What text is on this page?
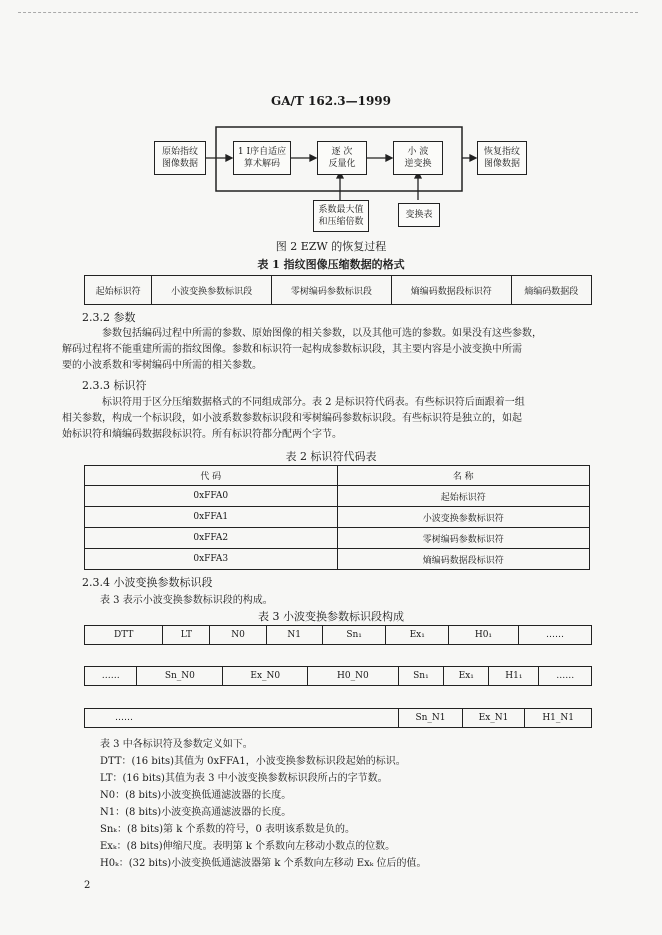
GA/T 162.3—1999
原始指纹
图像数据
1 I序自适应
算术解码
逐 次
反量化
小 波
逆变换
恢复指纹
图像数据
系数最大值
和压缩倍数
变换表
图 2 EZW 的恢复过程
表 1 指纹图像压缩数据的格式
起始标识符	小波变换参数标识段	零树编码参数标识段	熵编码数据段标识符	熵编码数据段
2.3.2 参数
参数包括编码过程中所需的参数、原始图像的相关参数，以及其他可选的参数。如果没有这些参数，
解码过程将不能重建所需的指纹图像。参数和标识符一起构成参数标识段，其主要内容是小波变换中所需
要的小波系数和零树编码中所需的相关参数。
2.3.3 标识符
标识符用于区分压缩数据格式的不同组成部分。表 2 是标识符代码表。有些标识符后面跟着一组
相关参数，构成一个标识段，如小波系数参数标识段和零树编码参数标识段。有些标识符是独立的，如起
始标识符和熵编码数据段标识符。所有标识符都分配两个字节。
表 2 标识符代码表
代 码	名 称
0xFFA0	起始标识符
0xFFA1	小波变换参数标识符
0xFFA2	零树编码参数标识符
0xFFA3	熵编码数据段标识符
2.3.4 小波变换参数标识段
表 3 表示小波变换参数标识段的构成。
表 3 小波变换参数标识段构成
DTT	LT	N0	N1	Sn₁	Ex₁	H0₁	……
……	Sn_N0	Ex_N0	H0_N0	Sn₁	Ex₁	H1₁	……
……	Sn_N1	Ex_N1	H1_N1
表 3 中各标识符及参数定义如下。
DTT：(16 bits)其值为 0xFFA1，小波变换参数标识段起始的标识。
LT：(16 bits)其值为表 3 中小波变换参数标识段所占的字节数。
N0：(8 bits)小波变换低通滤波器的长度。
N1：(8 bits)小波变换高通滤波器的长度。
Snₖ：(8 bits)第 k 个系数的符号，0 表明该系数是负的。
Exₖ：(8 bits)伸缩尺度。表明第 k 个系数向左移动小数点的位数。
H0ₖ：(32 bits)小波变换低通滤波器第 k 个系数向左移动 Exₖ 位后的值。
2
